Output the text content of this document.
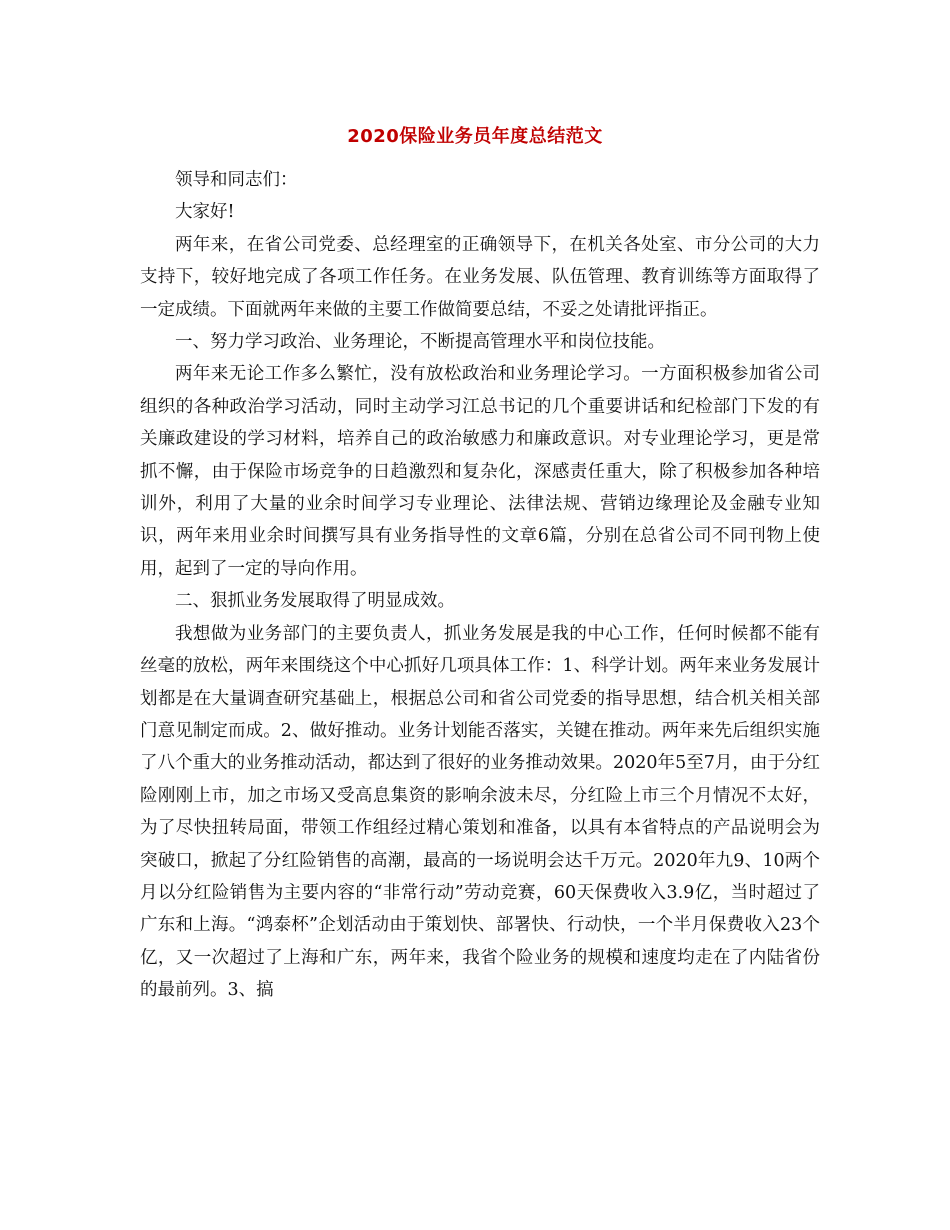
2020保险业务员年度总结范文

领导和同志们：

大家好!

两年来，在省公司党委、总经理室的正确领导下，在机关各处室、市分公司的大力支持下，较好地完成了各项工作任务。在业务发展、队伍管理、教育训练等方面取得了一定成绩。下面就两年来做的主要工作做简要总结，不妥之处请批评指正。

一、努力学习政治、业务理论，不断提高管理水平和岗位技能。

两年来无论工作多么繁忙，没有放松政治和业务理论学习。一方面积极参加省公司组织的各种政治学习活动，同时主动学习江总书记的几个重要讲话和纪检部门下发的有关廉政建设的学习材料，培养自己的政治敏感力和廉政意识。对专业理论学习，更是常抓不懈，由于保险市场竞争的日趋激烈和复杂化，深感责任重大，除了积极参加各种培训外，利用了大量的业余时间学习专业理论、法律法规、营销边缘理论及金融专业知识，两年来用业余时间撰写具有业务指导性的文章6篇，分别在总省公司不同刊物上使用，起到了一定的导向作用。

二、狠抓业务发展取得了明显成效。

我想做为业务部门的主要负责人，抓业务发展是我的中心工作，任何时候都不能有丝毫的放松，两年来围绕这个中心抓好几项具体工作：1、科学计划。两年来业务发展计划都是在大量调查研究基础上，根据总公司和省公司党委的指导思想，结合机关相关部门意见制定而成。2、做好推动。业务计划能否落实，关键在推动。两年来先后组织实施了八个重大的业务推动活动，都达到了很好的业务推动效果。2020年5至7月，由于分红险刚刚上市，加之市场又受高息集资的影响余波未尽，分红险上市三个月情况不太好，为了尽快扭转局面，带领工作组经过精心策划和准备，以具有本省特点的产品说明会为突破口，掀起了分红险销售的高潮，最高的一场说明会达千万元。2020年九9、10两个月以分红险销售为主要内容的“非常行动”劳动竞赛，60天保费收入3.9亿，当时超过了广东和上海。“鸿泰杯”企划活动由于策划快、部署快、行动快，一个半月保费收入23个亿，又一次超过了上海和广东，两年来，我省个险业务的规模和速度均走在了内陆省份的最前列。3、搞
